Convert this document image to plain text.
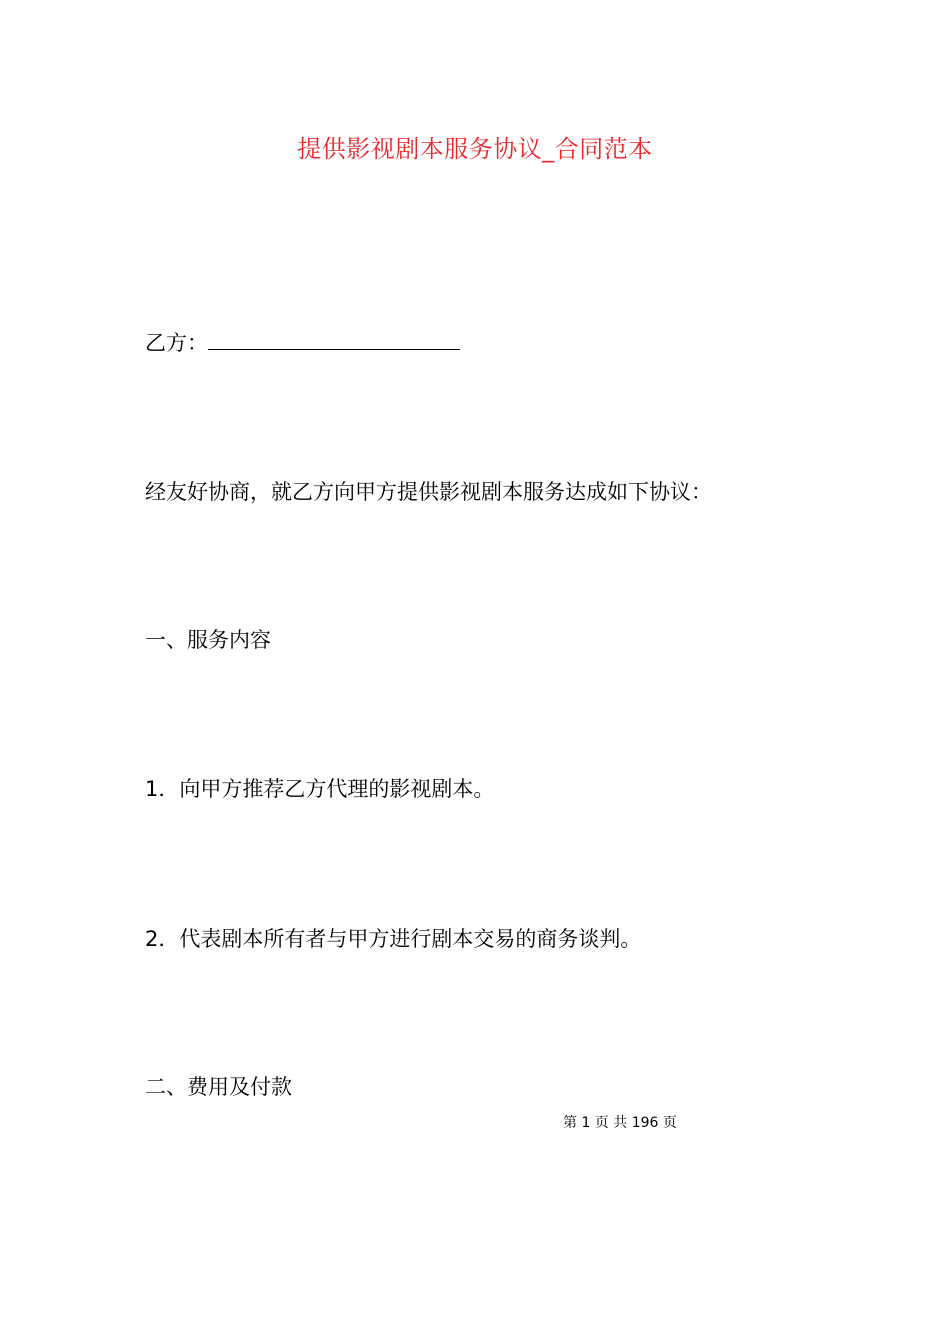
提供影视剧本服务协议_合同范本
乙方：
经友好协商，就乙方向甲方提供影视剧本服务达成如下协议：
一、服务内容
1．向甲方推荐乙方代理的影视剧本。
2．代表剧本所有者与甲方进行剧本交易的商务谈判。
二、费用及付款
第 1 页 共 196 页
